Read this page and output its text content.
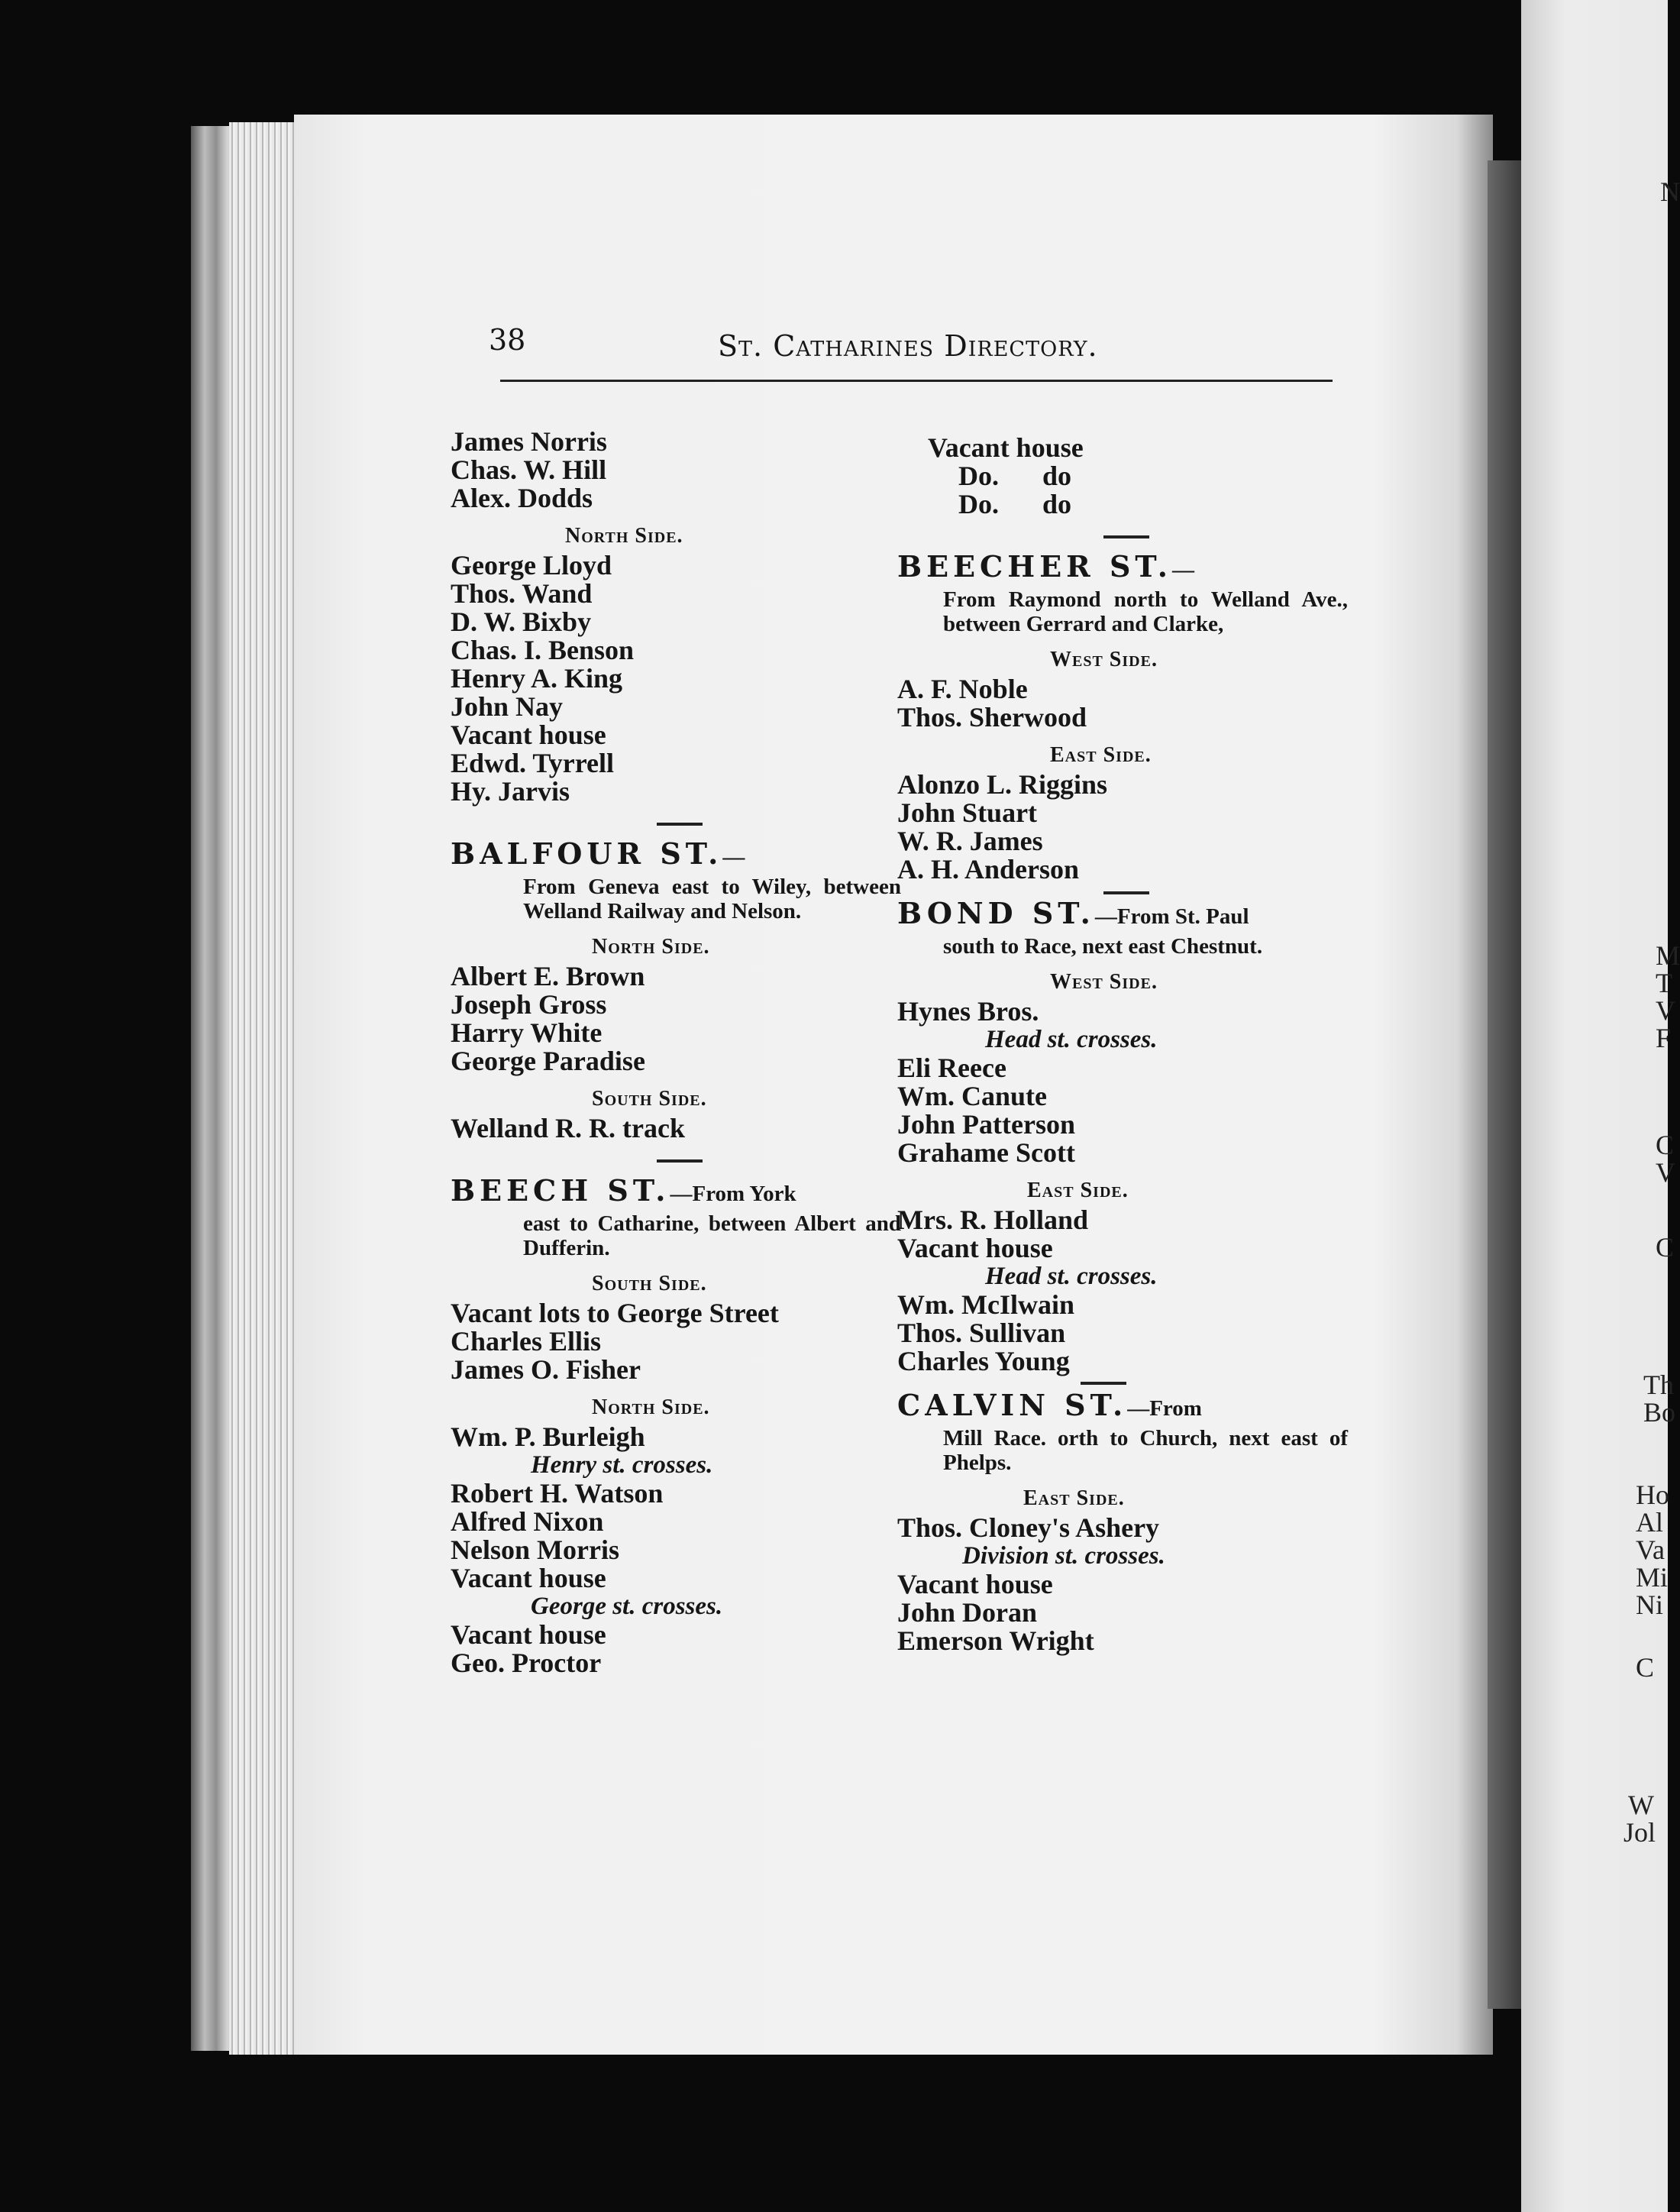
N
M
T
V
F
C
V
C
Th
Bo
Ho
Al
Va
Mi
Ni
C
W
Jol
38	St. Catharines Directory.
James Norris
Chas. W. Hill
Alex. Dodds
North Side.
George Lloyd
Thos. Wand
D. W. Bixby
Chas. I. Benson
Henry A. King
John Nay
Vacant house
Edwd. Tyrrell
Hy. Jarvis
BALFOUR ST.—
From Geneva east to Wiley, between Welland Railway and Nelson.
North Side.
Albert E. Brown
Joseph Gross
Harry White
George Paradise
South Side.
Welland R. R. track
BEECH ST.—From York
east to Catharine, between Albert and Dufferin.
South Side.
Vacant lots to George Street
Charles Ellis
James O. Fisher
North Side.
Wm. P. Burleigh
Henry st. crosses.
Robert H. Watson
Alfred Nixon
Nelson Morris
Vacant house
George st. crosses.
Vacant house
Geo. Proctor
Vacant house
Do. do
Do. do
BEECHER ST.—
From Raymond north to Welland Ave., between Gerrard and Clarke,
West Side.
A. F. Noble
Thos. Sherwood
East Side.
Alonzo L. Riggins
John Stuart
W. R. James
A. H. Anderson
BOND ST.—From St. Paul
south to Race, next east Chestnut.
West Side.
Hynes Bros.
Head st. crosses.
Eli Reece
Wm. Canute
John Patterson
Grahame Scott
East Side.
Mrs. R. Holland
Vacant house
Head st. crosses.
Wm. McIlwain
Thos. Sullivan
Charles Young
CALVIN ST.—From
Mill Race. orth to Church, next east of Phelps.
East Side.
Thos. Cloney's Ashery
Division st. crosses.
Vacant house
John Doran
Emerson Wright
